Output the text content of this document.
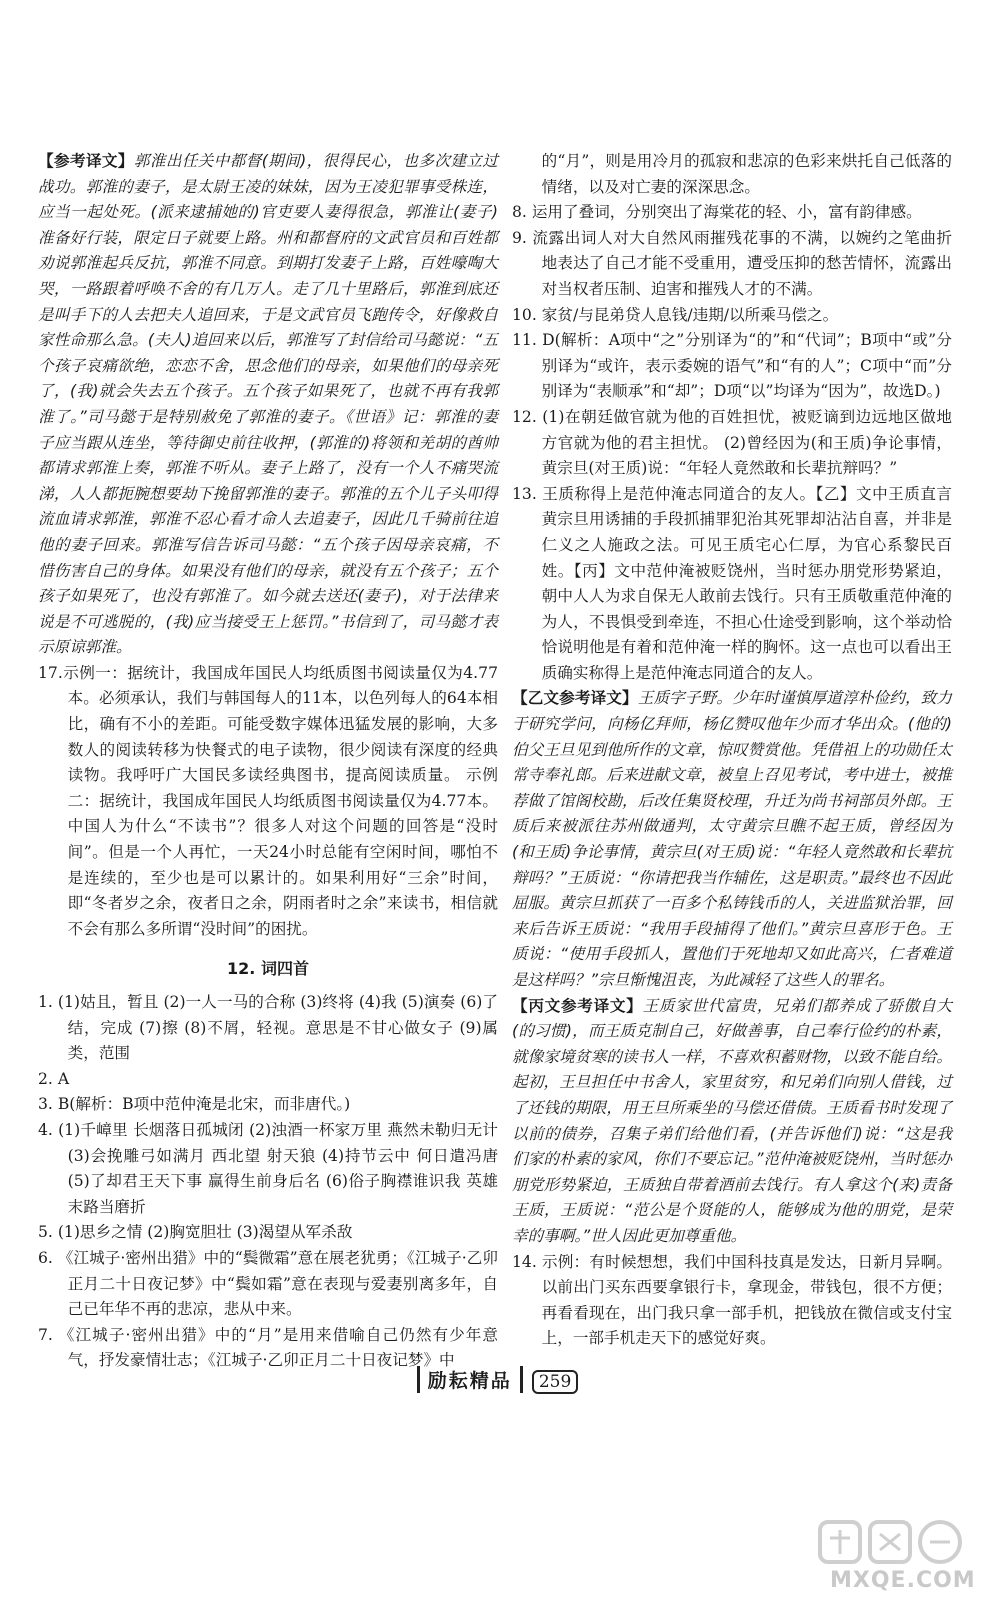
【参考译文】郭淮出任关中都督(期间)，很得民心，也多次建立过战功。郭淮的妻子，是太尉王凌的妹妹，因为王凌犯罪事受株连，应当一起处死。(派来逮捕她的)官吏要人妻得很急，郭淮让(妻子)准备好行装，限定日子就要上路。州和都督府的文武官员和百姓都劝说郭淮起兵反抗，郭淮不同意。到期打发妻子上路，百姓嚎啕大哭，一路跟着呼唤不舍的有几万人。走了几十里路后，郭淮到底还是叫手下的人去把夫人追回来，于是文武官员飞跑传令，好像救自家性命那么急。(夫人)追回来以后，郭淮写了封信给司马懿说：“五个孩子哀痛欲绝，恋恋不舍，思念他们的母亲，如果他们的母亲死了，(我)就会失去五个孩子。五个孩子如果死了，也就不再有我郭淮了。”司马懿于是特别赦免了郭淮的妻子。《世语》记：郭淮的妻子应当跟从连坐，等待御史前往收押，(郭淮的)将领和羌胡的酋帅都请求郭淮上奏，郭淮不听从。妻子上路了，没有一个人不痛哭流涕，人人都扼腕想要劫下挽留郭淮的妻子。郭淮的五个儿子头叩得流血请求郭淮，郭淮不忍心看才命人去追妻子，因此几千骑前往追他的妻子回来。郭淮写信告诉司马懿：“五个孩子因母亲哀痛，不惜伤害自己的身体。如果没有他们的母亲，就没有五个孩子；五个孩子如果死了，也没有郭淮了。如今就去送还(妻子)，对于法律来说是不可逃脱的，(我)应当接受王上惩罚。”书信到了，司马懿才表示原谅郭淮。

17.示例一：据统计，我国成年国民人均纸质图书阅读量仅为4.77本。必须承认，我们与韩国每人的11本，以色列每人的64本相比，确有不小的差距。可能受数字媒体迅猛发展的影响，大多数人的阅读转移为快餐式的电子读物，很少阅读有深度的经典读物。我呼吁广大国民多读经典图书，提高阅读质量。 示例二：据统计，我国成年国民人均纸质图书阅读量仅为4.77本。中国人为什么“不读书”？很多人对这个问题的回答是“没时间”。但是一个人再忙，一天24小时总能有空闲时间，哪怕不是连续的，至少也是可以累计的。如果利用好“三余”时间，即“冬者岁之余，夜者日之余，阴雨者时之余”来读书，相信就不会有那么多所谓“没时间”的困扰。

12. 词四首

1. (1)姑且，暂且 (2)一人一马的合称 (3)终将 (4)我 (5)演奏 (6)了结，完成 (7)擦 (8)不屑，轻视。意思是不甘心做女子 (9)属类，范围

2. A

3. B(解析：B项中范仲淹是北宋，而非唐代。)

4. (1)千嶂里 长烟落日孤城闭 (2)浊酒一杯家万里 燕然未勒归无计 (3)会挽雕弓如满月 西北望 射天狼 (4)持节云中 何日遣冯唐 (5)了却君王天下事 赢得生前身后名 (6)俗子胸襟谁识我 英雄末路当磨折

5. (1)思乡之情 (2)胸宽胆壮 (3)渴望从军杀敌

6. 《江城子·密州出猎》中的“鬓微霜”意在展老犹勇；《江城子·乙卯正月二十日夜记梦》中“鬓如霜”意在表现与爱妻别离多年，自己已年华不再的悲凉，悲从中来。

7. 《江城子·密州出猎》中的“月”是用来借喻自己仍然有少年意气，抒发豪情壮志；《江城子·乙卯正月二十日夜记梦》中

的“月”，则是用冷月的孤寂和悲凉的色彩来烘托自己低落的情绪，以及对亡妻的深深思念。

8. 运用了叠词，分别突出了海棠花的轻、小，富有韵律感。

9. 流露出词人对大自然风雨摧残花事的不满，以婉约之笔曲折地表达了自己才能不受重用，遭受压抑的愁苦情怀，流露出对当权者压制、迫害和摧残人才的不满。

10. 家贫/与昆弟贷人息钱/违期/以所乘马偿之。

11. D(解析：A项中“之”分别译为“的”和“代词”；B项中“或”分别译为“或许，表示委婉的语气”和“有的人”；C项中“而”分别译为“表顺承”和“却”；D项“以”均译为“因为”，故选D。)

12. (1)在朝廷做官就为他的百姓担忧，被贬谪到边远地区做地方官就为他的君主担忧。 (2)曾经因为(和王质)争论事情，黄宗旦(对王质)说：“年轻人竟然敢和长辈抗辩吗？”

13. 王质称得上是范仲淹志同道合的友人。【乙】文中王质直言黄宗旦用诱捕的手段抓捕罪犯治其死罪却沾沾自喜，并非是仁义之人施政之法。可见王质宅心仁厚，为官心系黎民百姓。【丙】文中范仲淹被贬饶州，当时惩办朋党形势紧迫，朝中人人为求自保无人敢前去饯行。只有王质敬重范仲淹的为人，不畏惧受到牵连，不担心仕途受到影响，这个举动恰恰说明他是有着和范仲淹一样的胸怀。这一点也可以看出王质确实称得上是范仲淹志同道合的友人。

【乙文参考译文】王质字子野。少年时谨慎厚道淳朴俭约，致力于研究学问，向杨亿拜师，杨亿赞叹他年少而才华出众。(他的)伯父王旦见到他所作的文章，惊叹赞赏他。凭借祖上的功勋任太常寺奉礼郎。后来进献文章，被皇上召见考试，考中进士，被推荐做了馆阁校勘，后改任集贤校理，升迁为尚书祠部员外郎。王质后来被派往苏州做通判，太守黄宗旦瞧不起王质，曾经因为(和王质)争论事情，黄宗旦(对王质)说：“年轻人竟然敢和长辈抗辩吗？”王质说：“你请把我当作辅佐，这是职责。”最终也不因此屈服。黄宗旦抓获了一百多个私铸钱币的人，关进监狱治罪，回来后告诉王质说：“我用手段捕得了他们。”黄宗旦喜形于色。王质说：“使用手段抓人，置他们于死地却又如此高兴，仁者难道是这样吗？”宗旦惭愧沮丧，为此减轻了这些人的罪名。

【丙文参考译文】王质家世代富贵，兄弟们都养成了骄傲自大(的习惯)，而王质克制自己，好做善事，自己奉行俭约的朴素，就像家境贫寒的读书人一样，不喜欢积蓄财物，以致不能自给。起初，王旦担任中书舍人，家里贫穷，和兄弟们向别人借钱，过了还钱的期限，用王旦所乘坐的马偿还借债。王质看书时发现了以前的债券，召集子弟们给他们看，(并告诉他们)说：“这是我们家的朴素的家风，你们不要忘记。”范仲淹被贬饶州，当时惩办朋党形势紧迫，王质独自带着酒前去饯行。有人拿这个(来)责备王质，王质说：“范公是个贤能的人，能够成为他的朋党，是荣幸的事啊。”世人因此更加尊重他。

14. 示例：有时候想想，我们中国科技真是发达，日新月异啊。以前出门买东西要拿银行卡，拿现金，带钱包，很不方便；再看看现在，出门我只拿一部手机，把钱放在微信或支付宝上，一部手机走天下的感觉好爽。

励耘精品 259
MXQE.COM
